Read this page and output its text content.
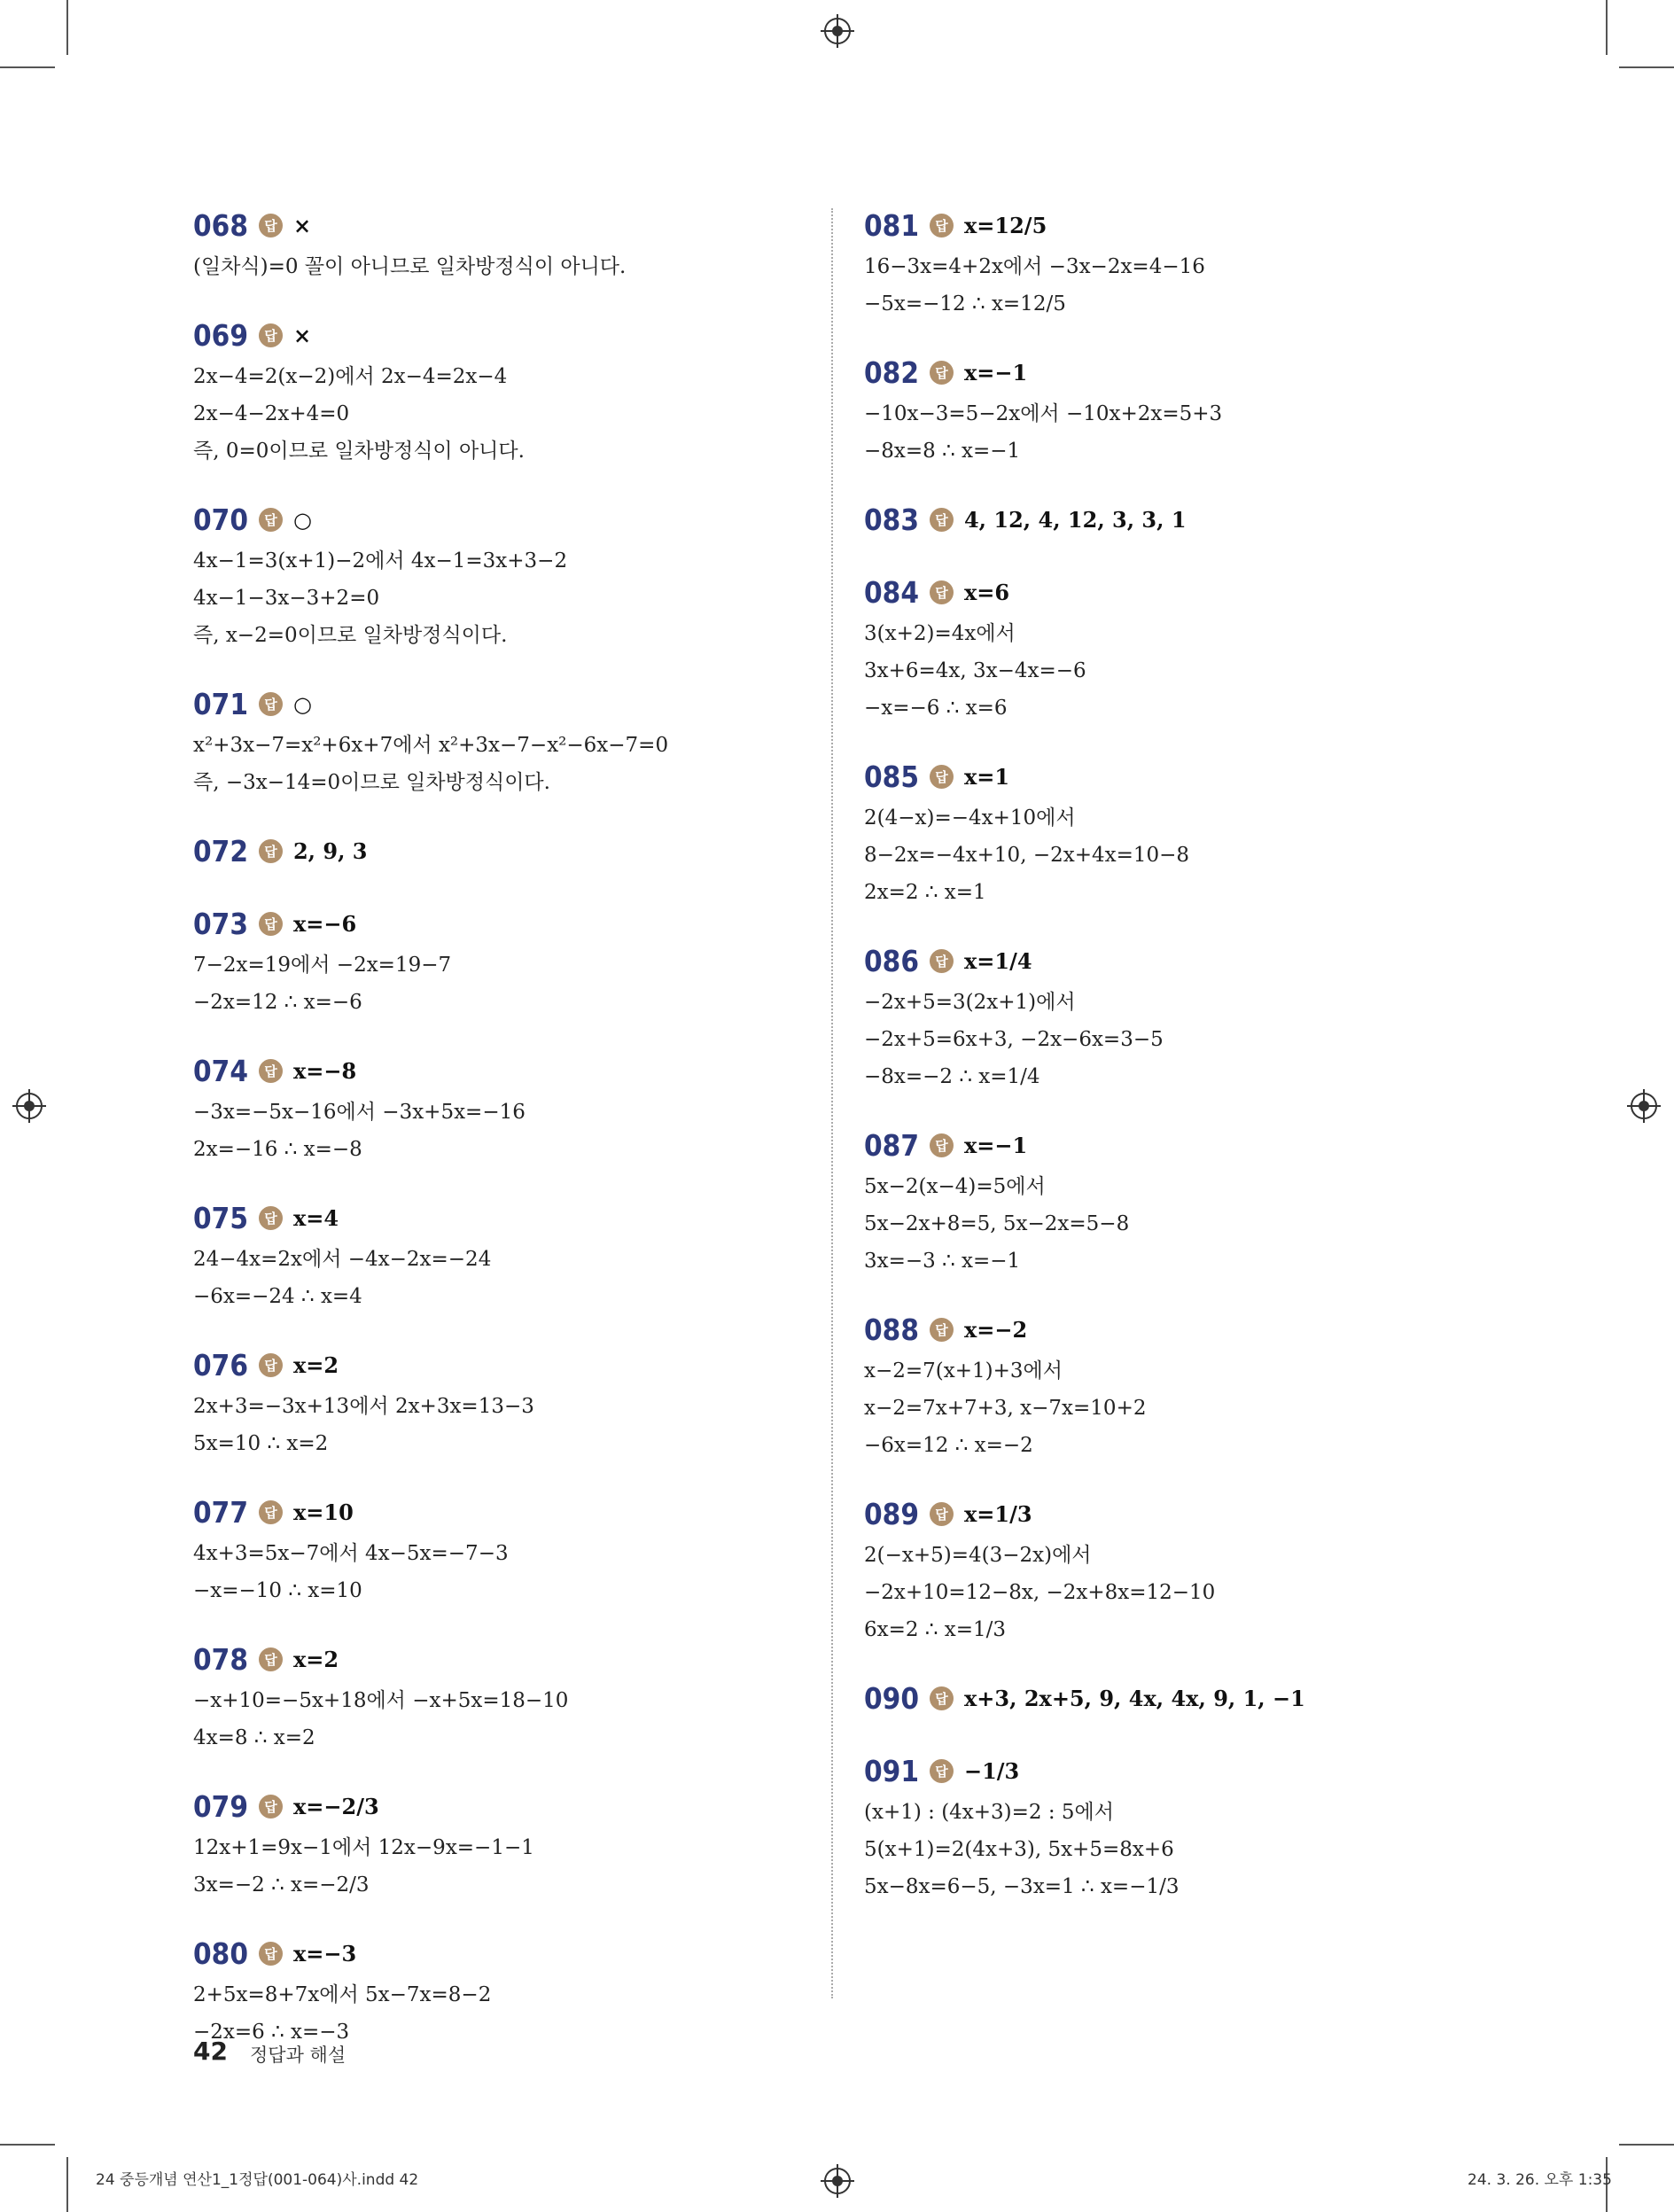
068	답 ×
(일차식)=0 꼴이 아니므로 일차방정식이 아니다.
069	답 ×
2x−4=2(x−2)에서 2x−4=2x−4
2x−4−2x+4=0
즉, 0=0이므로 일차방정식이 아니다.
070	답 ○
4x−1=3(x+1)−2에서 4x−1=3x+3−2
4x−1−3x−3+2=0
즉, x−2=0이므로 일차방정식이다.
071	답 ○
x²+3x−7=x²+6x+7에서 x²+3x−7−x²−6x−7=0
즉, −3x−14=0이므로 일차방정식이다.
072	답 2, 9, 3
073	답 x=−6
7−2x=19에서 −2x=19−7
−2x=12 ∴ x=−6
074	답 x=−8
−3x=−5x−16에서 −3x+5x=−16
2x=−16 ∴ x=−8
075	답 x=4
24−4x=2x에서 −4x−2x=−24
−6x=−24 ∴ x=4
076	답 x=2
2x+3=−3x+13에서 2x+3x=13−3
5x=10 ∴ x=2
077	답 x=10
4x+3=5x−7에서 4x−5x=−7−3
−x=−10 ∴ x=10
078	답 x=2
−x+10=−5x+18에서 −x+5x=18−10
4x=8 ∴ x=2
079	답 x=−2/3
12x+1=9x−1에서 12x−9x=−1−1
3x=−2 ∴ x=−2/3
080	답 x=−3
2+5x=8+7x에서 5x−7x=8−2
−2x=6 ∴ x=−3
081	답 x=12/5
16−3x=4+2x에서 −3x−2x=4−16
−5x=−12 ∴ x=12/5
082	답 x=−1
−10x−3=5−2x에서 −10x+2x=5+3
−8x=8 ∴ x=−1
083	답 4, 12, 4, 12, 3, 3, 1
084	답 x=6
3(x+2)=4x에서
3x+6=4x, 3x−4x=−6
−x=−6 ∴ x=6
085	답 x=1
2(4−x)=−4x+10에서
8−2x=−4x+10, −2x+4x=10−8
2x=2 ∴ x=1
086	답 x=1/4
−2x+5=3(2x+1)에서
−2x+5=6x+3, −2x−6x=3−5
−8x=−2 ∴ x=1/4
087	답 x=−1
5x−2(x−4)=5에서
5x−2x+8=5, 5x−2x=5−8
3x=−3 ∴ x=−1
088	답 x=−2
x−2=7(x+1)+3에서
x−2=7x+7+3, x−7x=10+2
−6x=12 ∴ x=−2
089	답 x=1/3
2(−x+5)=4(3−2x)에서
−2x+10=12−8x, −2x+8x=12−10
6x=2 ∴ x=1/3
090	답 x+3, 2x+5, 9, 4x, 4x, 9, 1, −1
091	답 −1/3
(x+1) : (4x+3)=2 : 5에서
5(x+1)=2(4x+3), 5x+5=8x+6
5x−8x=6−5, −3x=1 ∴ x=−1/3
42 정답과 해설
24 중등개념 연산1_1정답(001-064)사.indd 42	24. 3. 26. 오후 1:35
